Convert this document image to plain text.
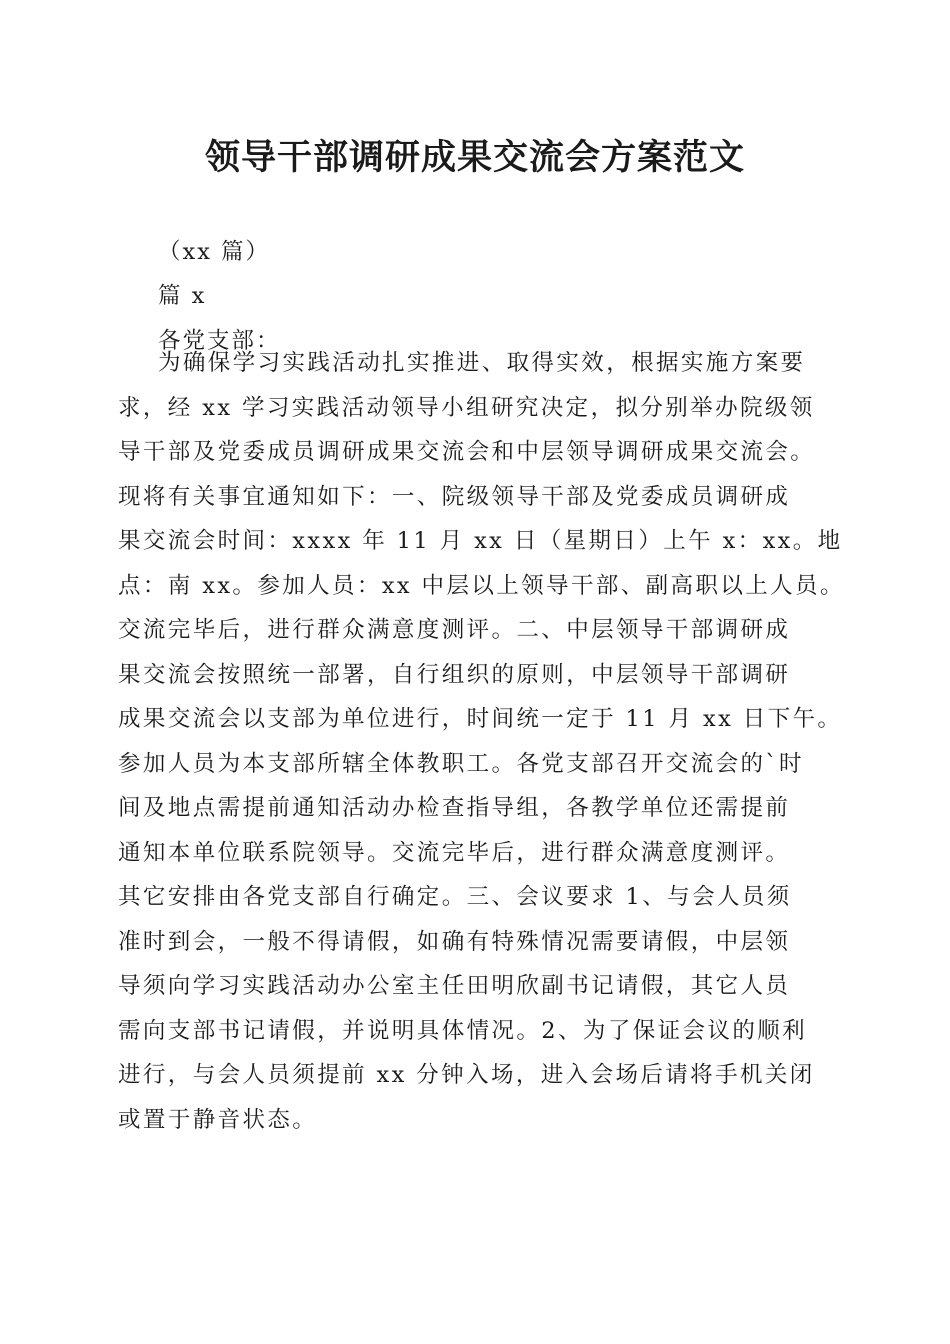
领导干部调研成果交流会方案范文
（xx 篇）
篇 x
各党支部：
为确保学习实践活动扎实推进、取得实效，根据实施方案要
求，经 xx 学习实践活动领导小组研究决定，拟分别举办院级领
导干部及党委成员调研成果交流会和中层领导调研成果交流会。
现将有关事宜通知如下：一、院级领导干部及党委成员调研成
果交流会时间：xxxx 年 11 月 xx 日（星期日）上午 x：xx。地
点：南 xx。参加人员：xx 中层以上领导干部、副高职以上人员。
交流完毕后，进行群众满意度测评。二、中层领导干部调研成
果交流会按照统一部署，自行组织的原则，中层领导干部调研
成果交流会以支部为单位进行，时间统一定于 11 月 xx 日下午。
参加人员为本支部所辖全体教职工。各党支部召开交流会的`时
间及地点需提前通知活动办检查指导组，各教学单位还需提前
通知本单位联系院领导。交流完毕后，进行群众满意度测评。
其它安排由各党支部自行确定。三、会议要求 1、与会人员须
准时到会，一般不得请假，如确有特殊情况需要请假，中层领
导须向学习实践活动办公室主任田明欣副书记请假，其它人员
需向支部书记请假，并说明具体情况。2、为了保证会议的顺利
进行，与会人员须提前 xx 分钟入场，进入会场后请将手机关闭
或置于静音状态。
